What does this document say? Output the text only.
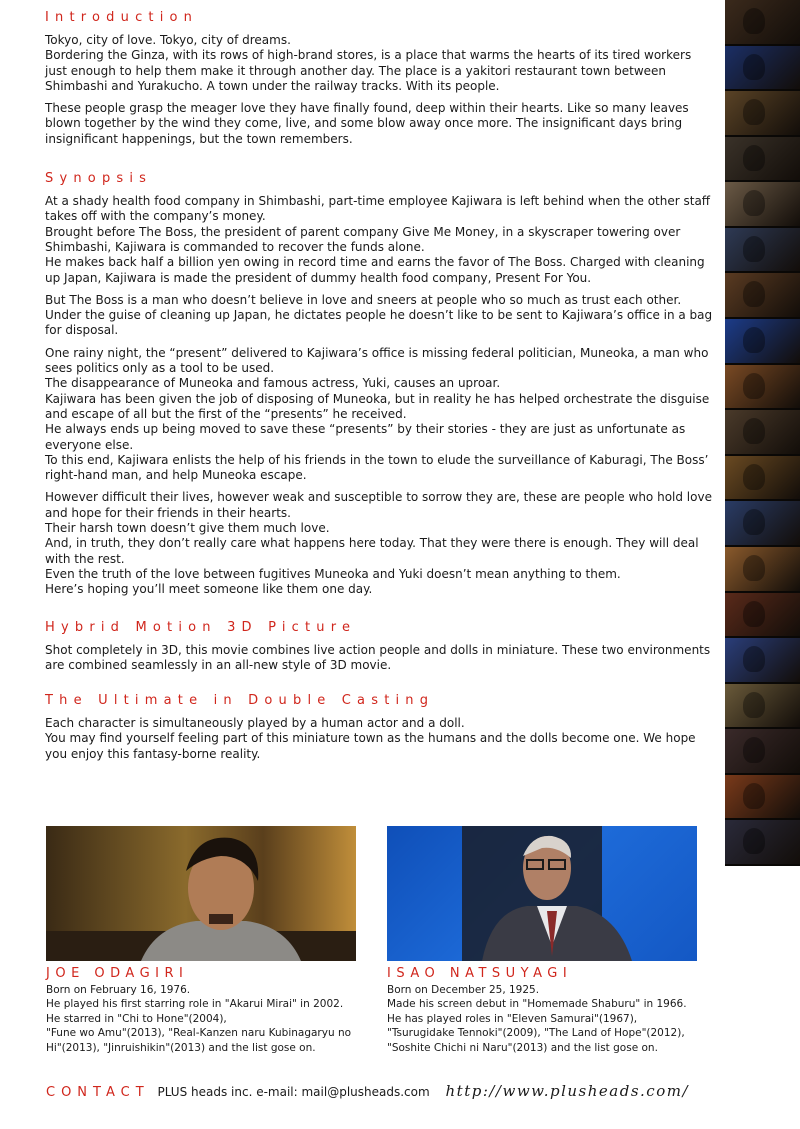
Introduction

Tokyo, city of love. Tokyo, city of dreams.
Bordering the Ginza, with its rows of high-brand stores, is a place that warms the hearts of its tired workers just enough to help them make it through another day. The place is a yakitori restaurant town between Shimbashi and Yurakucho. A town under the railway tracks. With its people.

These people grasp the meager love they have finally found, deep within their hearts. Like so many leaves blown together by the wind they come, live, and some blow away once more. The insignificant days bring insignificant happenings, but the town remembers.

Synopsis

At a shady health food company in Shimbashi, part-time employee Kajiwara is left behind when the other staff takes off with the company’s money.
Brought before The Boss, the president of parent company Give Me Money, in a skyscraper towering over Shimbashi, Kajiwara is commanded to recover the funds alone.
He makes back half a billion yen owing in record time and earns the favor of The Boss. Charged with cleaning up Japan, Kajiwara is made the president of dummy health food company, Present For You.

But The Boss is a man who doesn’t believe in love and sneers at people who so much as trust each other. Under the guise of cleaning up Japan, he dictates people he doesn’t like to be sent to Kajiwara’s office in a bag for disposal.

One rainy night, the “present” delivered to Kajiwara’s office is missing federal politician, Muneoka, a man who sees politics only as a tool to be used.
The disappearance of Muneoka and famous actress, Yuki, causes an uproar.
Kajiwara has been given the job of disposing of Muneoka, but in reality he has helped orchestrate the disguise and escape of all but the first of the “presents” he received.
He always ends up being moved to save these “presents” by their stories - they are just as unfortunate as everyone else.
To this end, Kajiwara enlists the help of his friends in the town to elude the surveillance of Kaburagi, The Boss’ right-hand man, and help Muneoka escape.

However difficult their lives, however weak and susceptible to sorrow they are, these are people who hold love and hope for their friends in their hearts.
Their harsh town doesn’t give them much love.
And, in truth, they don’t really care what happens here today. That they were there is enough. They will deal with the rest.
Even the truth of the love between fugitives Muneoka and Yuki doesn’t mean anything to them.
Here’s hoping you’ll meet someone like them one day.

Hybrid Motion 3D Picture

Shot completely in 3D, this movie combines live action people and dolls in miniature. These two environments are combined seamlessly in an all-new style of 3D movie.

The Ultimate in Double Casting

Each character is simultaneously played by a human actor and a doll.
You may find yourself feeling part of this miniature town as the humans and the dolls become one. We hope you enjoy this fantasy-borne reality.

JOE ODAGIRI
Born on February 16, 1976.
He played his first starring role in "Akarui Mirai" in 2002. He starred in "Chi to Hone"(2004),
"Fune wo Amu"(2013), "Real-Kanzen naru Kubinagaryu no Hi"(2013), "Jinruishikin"(2013) and the list gose on.
ISAO NATSUYAGI
Born on December 25, 1925.
Made his screen debut in "Homemade Shaburu" in 1966.
He has played roles in "Eleven Samurai"(1967),
"Tsurugidake Tennoki"(2009), "The Land of Hope"(2012),
"Soshite Chichi ni Naru"(2013) and the list gose on.
CONTACT PLUS heads inc. e-mail: mail@plusheads.com http://www.plusheads.com/
